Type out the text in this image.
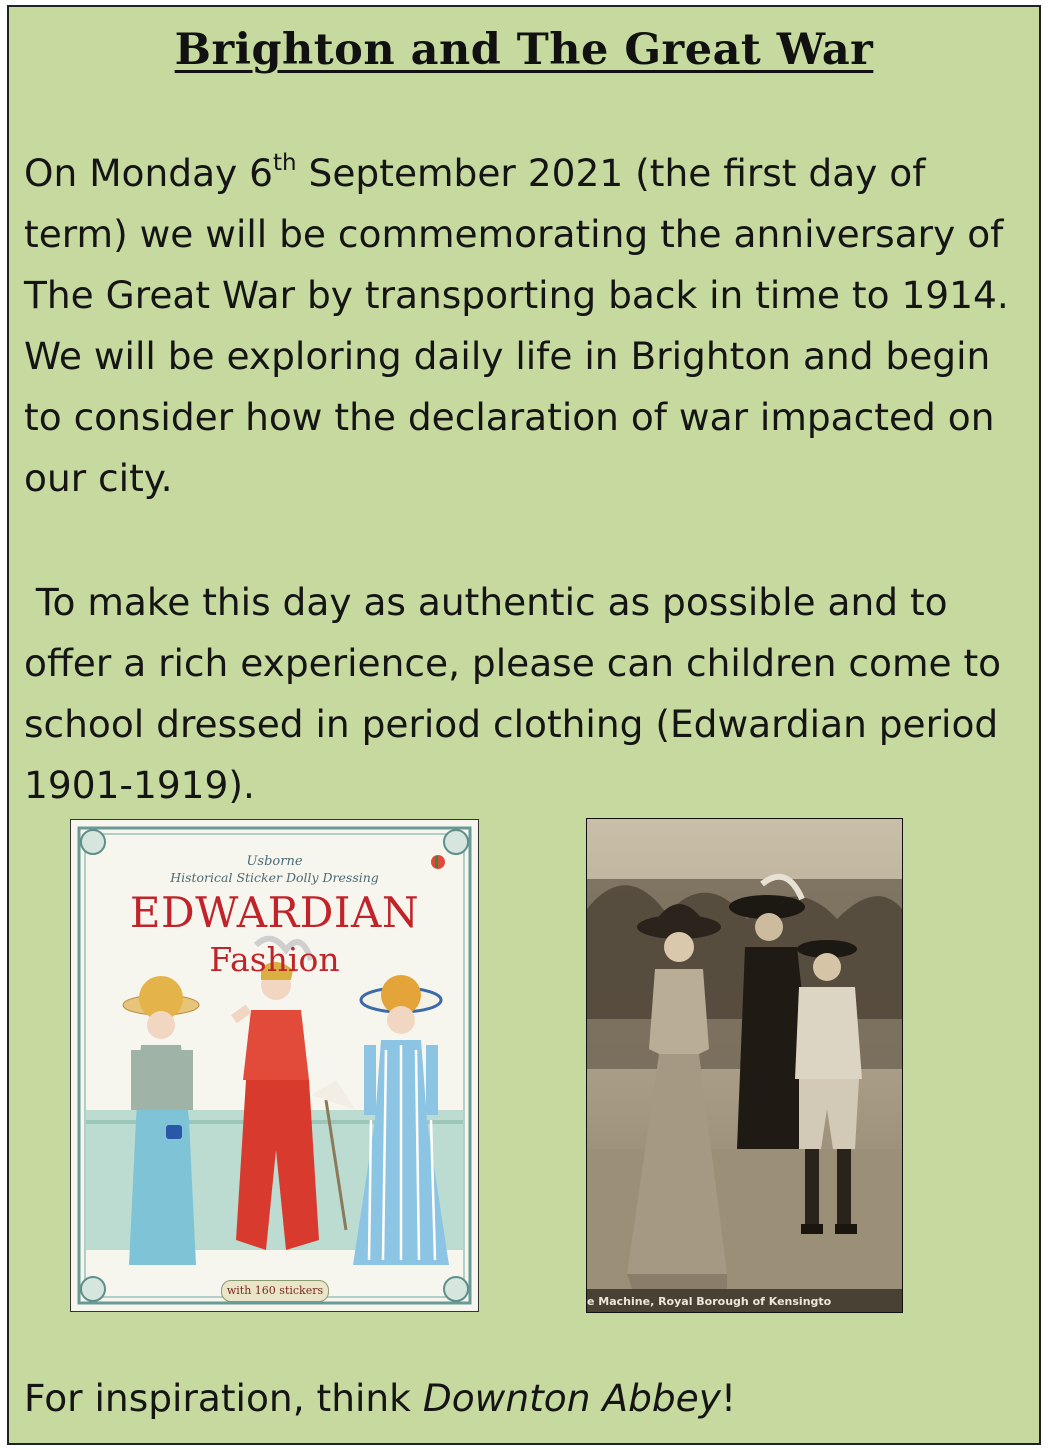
Brighton and The Great War
On Monday 6th September 2021 (the first day of term) we will be commemorating the anniversary of The Great War by transporting back in time to 1914. We will be exploring daily life in Brighton and begin to consider how the declaration of war impacted on our city.
To make this day as authentic as possible and to offer a rich experience, please can children come to school dressed in period clothing (Edwardian period 1901-1919).
For inspiration, think Downton Abbey!
Usborne
Historical Sticker Dolly Dressing
EDWARDIAN
Fashion
with 160 stickers
e Machine, Royal Borough of Kensingto
